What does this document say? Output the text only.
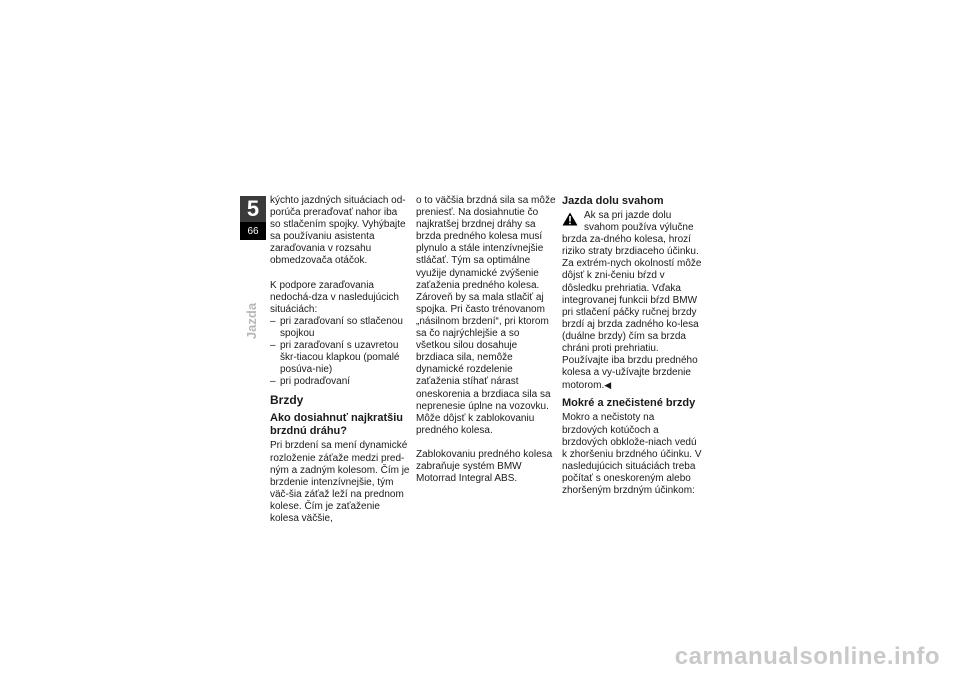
5
66
Jazda

kýchto jazdných situáciach od-porúča preraďovať nahor iba so stlačením spojky. Vyhýbajte sa používaniu asistenta zaraďovania v rozsahu obmedzovača otáčok.

K podpore zaraďovania nedochá-dza v nasledujúcich situáciách:

– pri zaraďovaní so stlačenou spojkou
– pri zaraďovaní s uzavretou škr-tiacou klapkou (pomalé posúva-nie)
– pri podraďovaní
Brzdy
Ako dosiahnuť najkratšiu brzdnú dráhu?

Pri brzdení sa mení dynamické rozloženie záťaže medzi pred-ným a zadným kolesom. Čím je brzdenie intenzívnejšie, tým väč-šia záťaž leží na prednom kolese. Čím je zaťaženie kolesa väčšie,

o to väčšia brzdná sila sa môže preniesť. Na dosiahnutie čo najkratšej brzdnej dráhy sa brzda predného kolesa musí plynulo a stále intenzívnejšie stláčať. Tým sa optimálne využije dynamické zvýšenie zaťaženia predného kolesa. Zároveň by sa mala stlačiť aj spojka. Pri často trénovanom „násilnom brzdení“, pri ktorom sa čo najrýchlejšie a so všetkou silou dosahuje brzdiaca sila, nemôže dynamické rozdelenie zaťaženia stíhať nárast oneskorenia a brzdiaca sila sa neprenesie úplne na vozovku. Môže dôjsť k zablokovaniu predného kolesa.

Zablokovaniu predného kolesa zabraňuje systém BMW Motorrad Integral ABS.

Jazda dolu svahom

Ak sa pri jazde dolu svahom používa výlučne brzda za-dného kolesa, hrozí riziko straty brzdiaceho účinku. Za extrém-nych okolností môže dôjsť k zni-čeniu bŕzd v dôsledku prehriatia. Vďaka integrovanej funkcii bŕzd BMW pri stlačení páčky ručnej brzdy brzdí aj brzda zadného ko-lesa (duálne brzdy) čím sa brzda chráni proti prehriatiu. Používajte iba brzdu predného kolesa a vy-užívajte brzdenie motorom.◀

Mokré a znečistené brzdy

Mokro a nečistoty na brzdových kotúčoch a brzdových obklože-niach vedú k zhoršeniu brzdného účinku. V nasledujúcich situáciách treba počítať s oneskoreným alebo zhoršeným brzdným účinkom:

carmanualsonline.info
